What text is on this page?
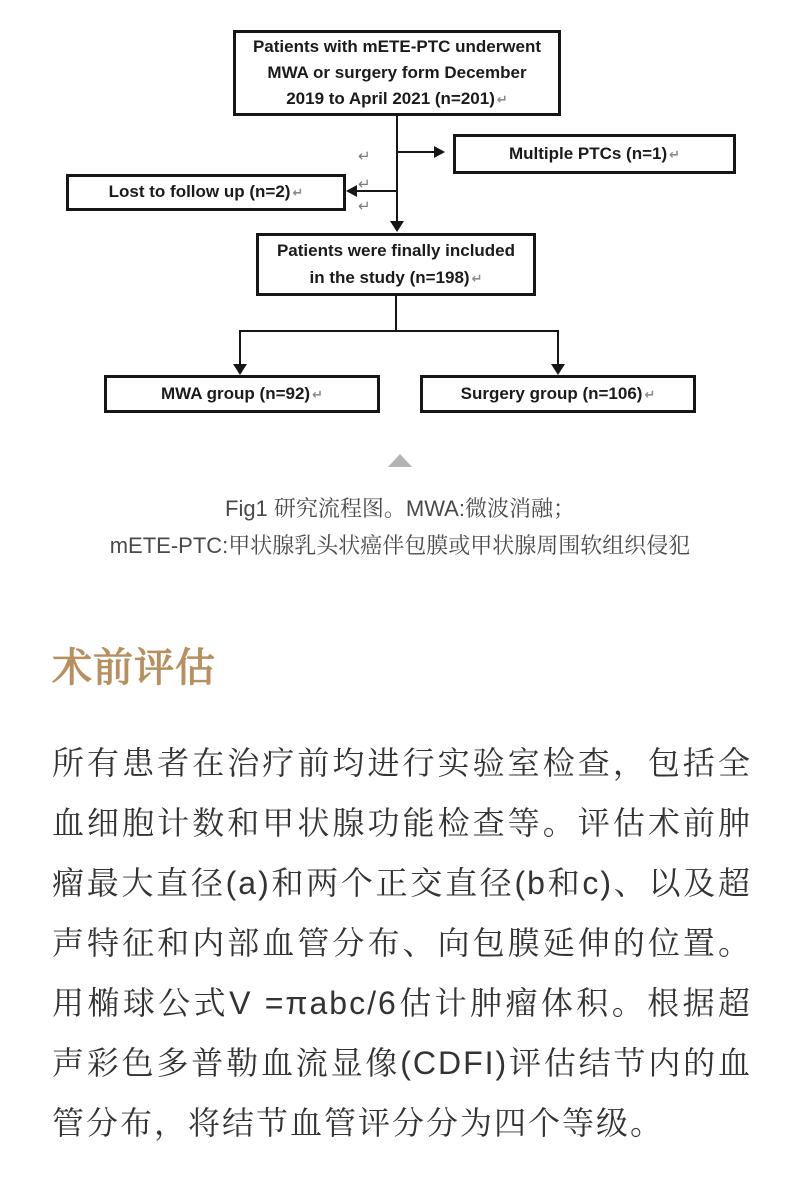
Patients with mETE-PTC underwent
MWA or surgery form December
2019 to April 2021 (n=201) ↵
Multiple PTCs (n=1) ↵
Lost to follow up (n=2) ↵
↵
↵
↵
Patients were finally included
in the study (n=198) ↵
MWA group (n=92) ↵	Surgery group (n=106) ↵
Fig1 研究流程图。MWA:微波消融；
mETE-PTC:甲状腺乳头状癌伴包膜或甲状腺周围软组织侵犯
术前评估

所有患者在治疗前均进行实验室检查，包括全血细胞计数和甲状腺功能检查等。评估术前肿瘤最大直径(a)和两个正交直径(b和c)、以及超声特征和内部血管分布、向包膜延伸的位置。用椭球公式V =πabc/6估计肿瘤体积。根据超声彩色多普勒血流显像(CDFI)评估结节内的血管分布，将结节血管评分分为四个等级。
